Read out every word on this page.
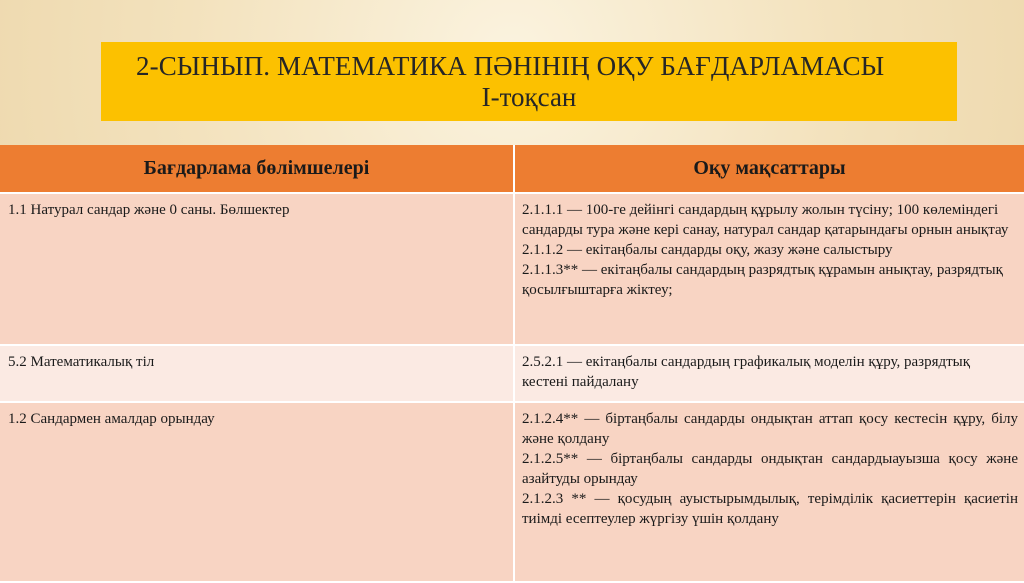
2-СЫНЫП. МАТЕМАТИКА ПӘНІНІҢ ОҚУ БАҒДАРЛАМАСЫ
І-тоқсан
Бағдарлама бөлімшелері	Оқу мақсаттары
1.1 Натурал сандар және 0 саны. Бөлшектер	2.1.1.1 — 100-ге дейінгі сандардың құрылу жолын түсіну; 100 көлеміндегі сандарды тура және кері санау, натурал сандар қатарындағы орнын анықтау
2.1.1.2 — екітаңбалы сандарды оқу, жазу және салыстыру
2.1.1.3** — екітаңбалы сандардың разрядтық құрамын анықтау, разрядтық қосылғыштарға жіктеу;

5.2 Математикалық тіл	2.5.2.1 — екітаңбалы сандардың графикалық моделін құру, разрядтық кестені пайдалану

1.2 Сандармен амалдар орындау	2.1.2.4** — біртаңбалы сандарды ондықтан аттап қосу кестесін құру, білу және қолдану
2.1.2.5** — біртаңбалы сандарды ондықтан сандардыауызша қосу және азайтуды орындау
2.1.2.3 ** — қосудың ауыстырымдылық, терімділік қасиеттерін қасиетін тиімді есептеулер жүргізу үшін қолдану
